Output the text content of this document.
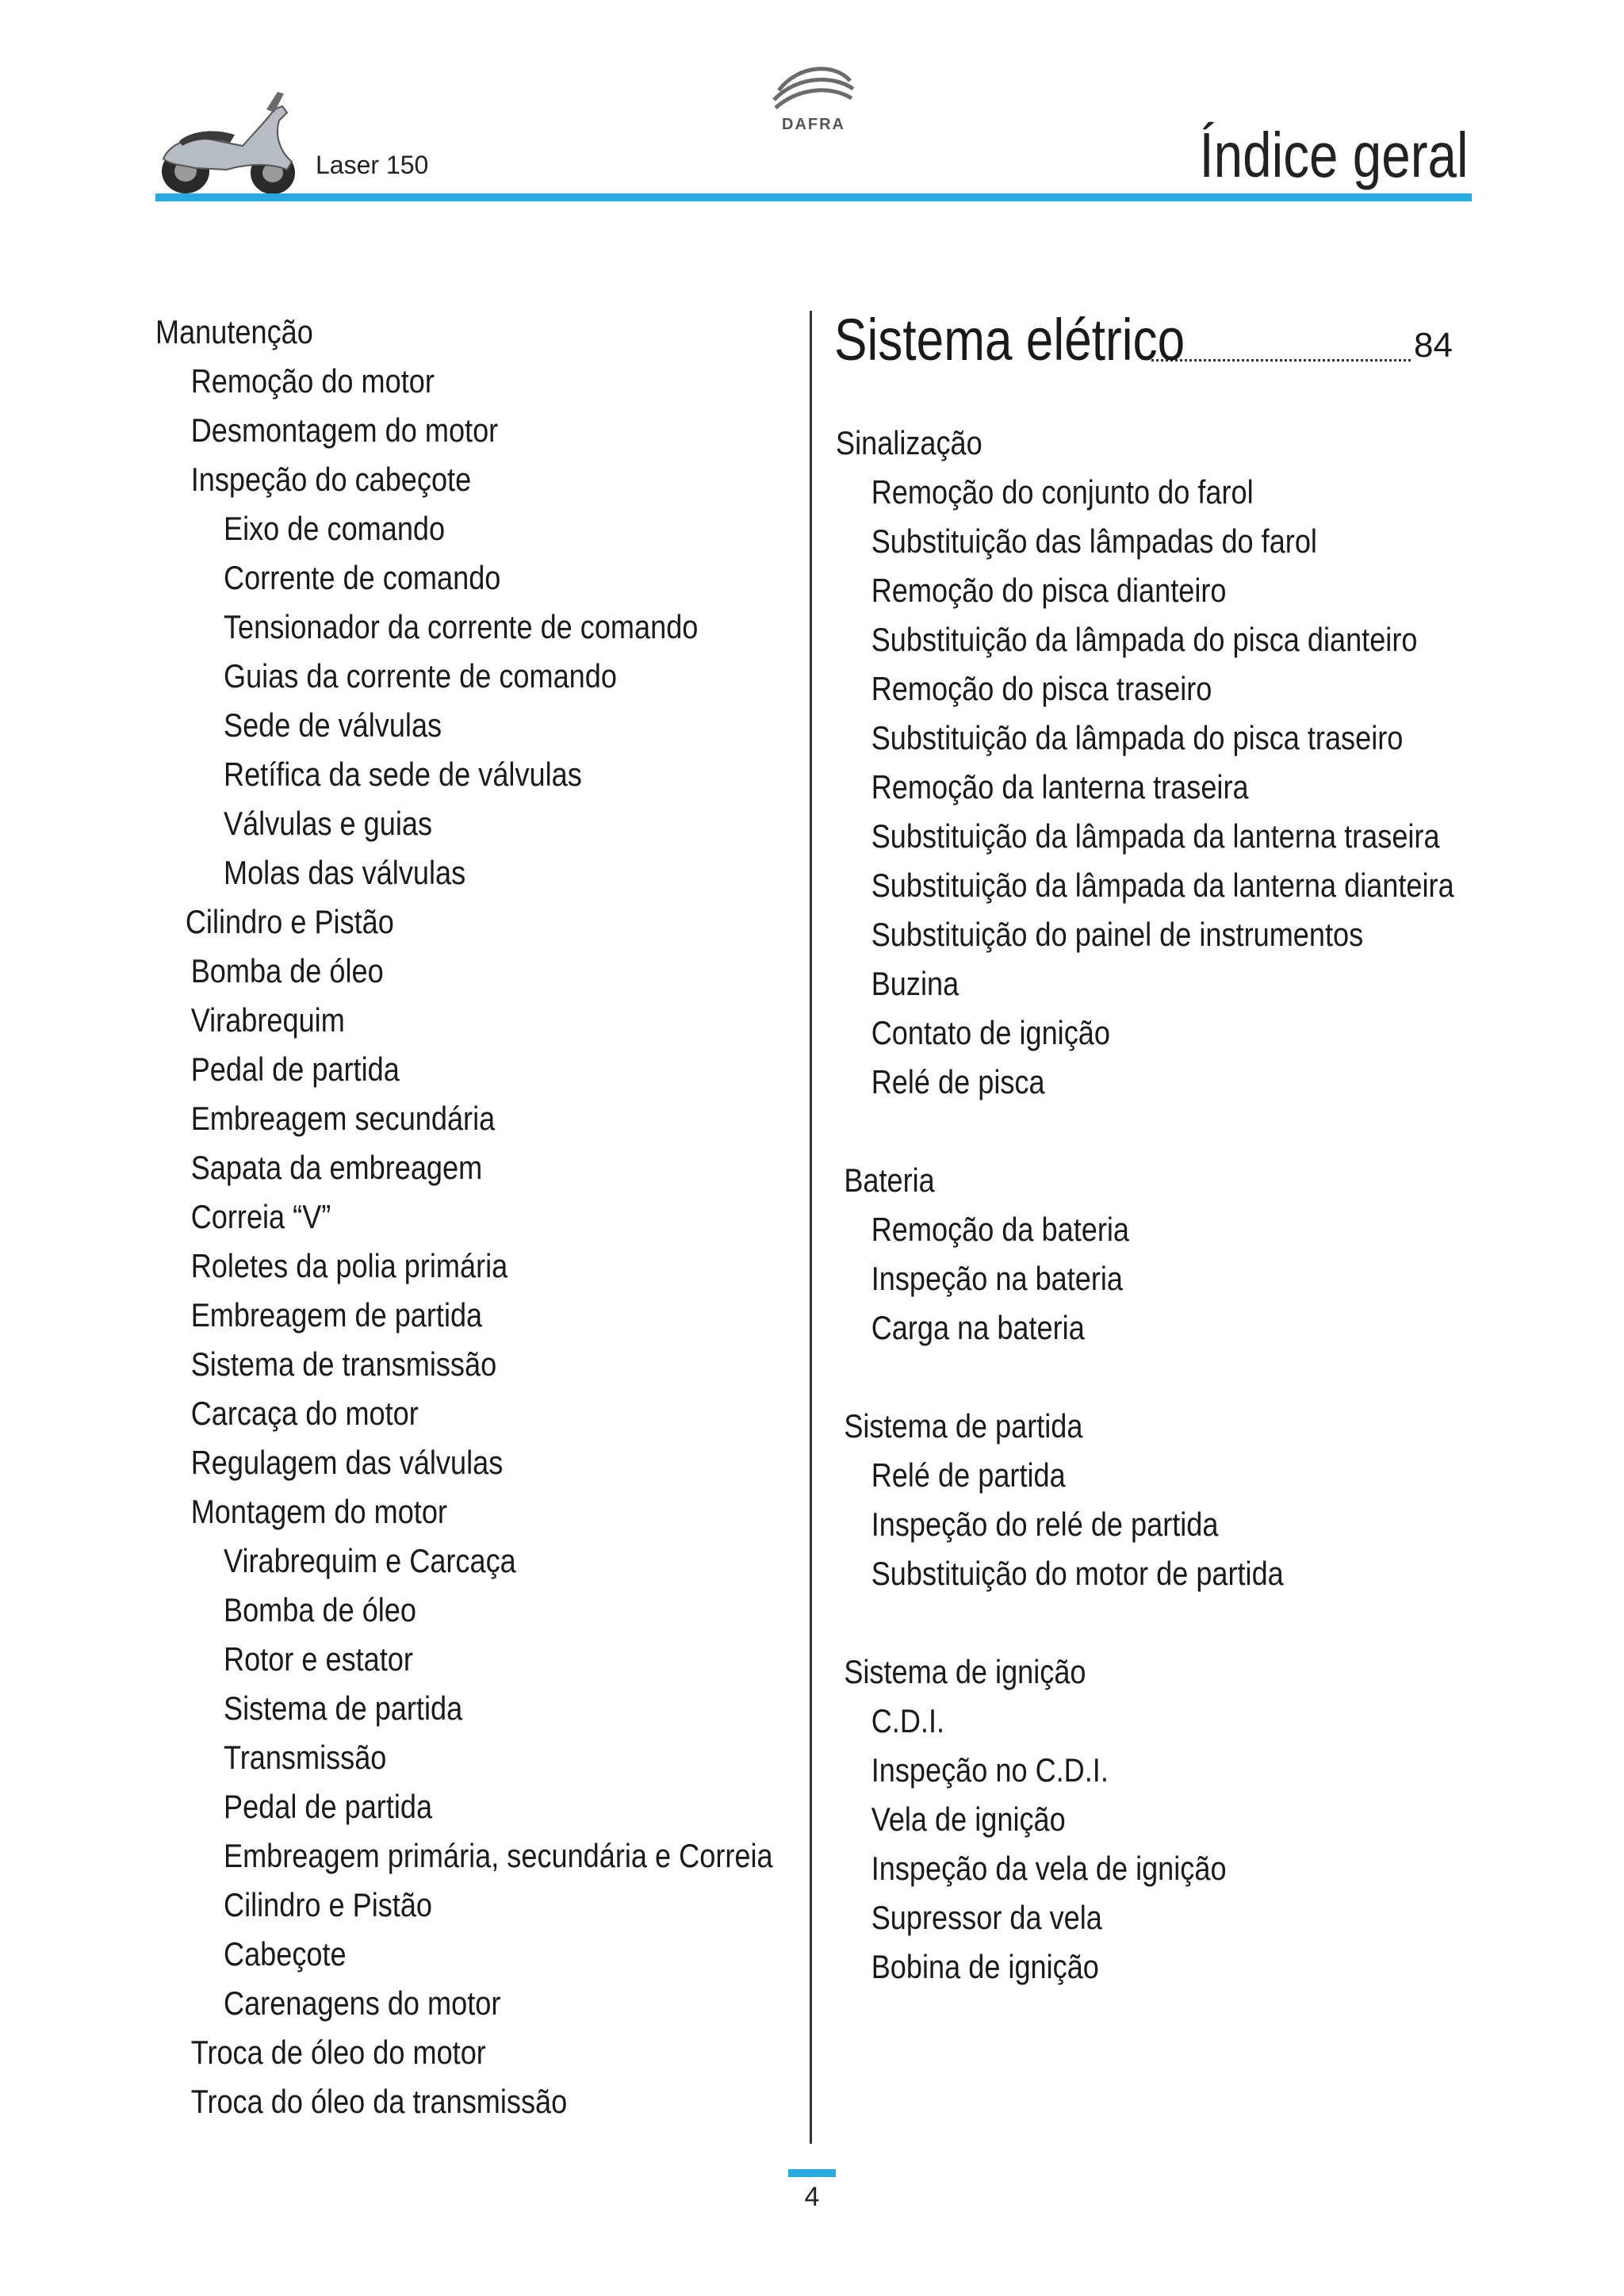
Laser 150
DAFRA	Índice geral
Manutenção
Remoção do motor
Desmontagem do motor
Inspeção do cabeçote
Eixo de comando
Corrente de comando
Tensionador da corrente de comando
Guias da corrente de comando
Sede de válvulas
Retífica da sede de válvulas
Válvulas e guias
Molas das válvulas
Cilindro e Pistão
Bomba de óleo
Virabrequim
Pedal de partida
Embreagem secundária
Sapata da embreagem
Correia “V”
Roletes da polia primária
Embreagem de partida
Sistema de transmissão
Carcaça do motor
Regulagem das válvulas
Montagem do motor
Virabrequim e Carcaça
Bomba de óleo
Rotor e estator
Sistema de partida
Transmissão
Pedal de partida
Embreagem primária, secundária e Correia
Cilindro e Pistão
Cabeçote
Carenagens do motor
Troca de óleo do motor
Troca do óleo da transmissão
Sistema elétrico	84
Sinalização
Remoção do conjunto do farol
Substituição das lâmpadas do farol
Remoção do pisca dianteiro
Substituição da lâmpada do pisca dianteiro
Remoção do pisca traseiro
Substituição da lâmpada do pisca traseiro
Remoção da lanterna traseira
Substituição da lâmpada da lanterna traseira
Substituição da lâmpada da lanterna dianteira
Substituição do painel de instrumentos
Buzina
Contato de ignição
Relé de pisca
Bateria
Remoção da bateria
Inspeção na bateria
Carga na bateria
Sistema de partida
Relé de partida
Inspeção do relé de partida
Substituição do motor de partida
Sistema de ignição
C.D.I.
Inspeção no C.D.I.
Vela de ignição
Inspeção da vela de ignição
Supressor da vela
Bobina de ignição
4
